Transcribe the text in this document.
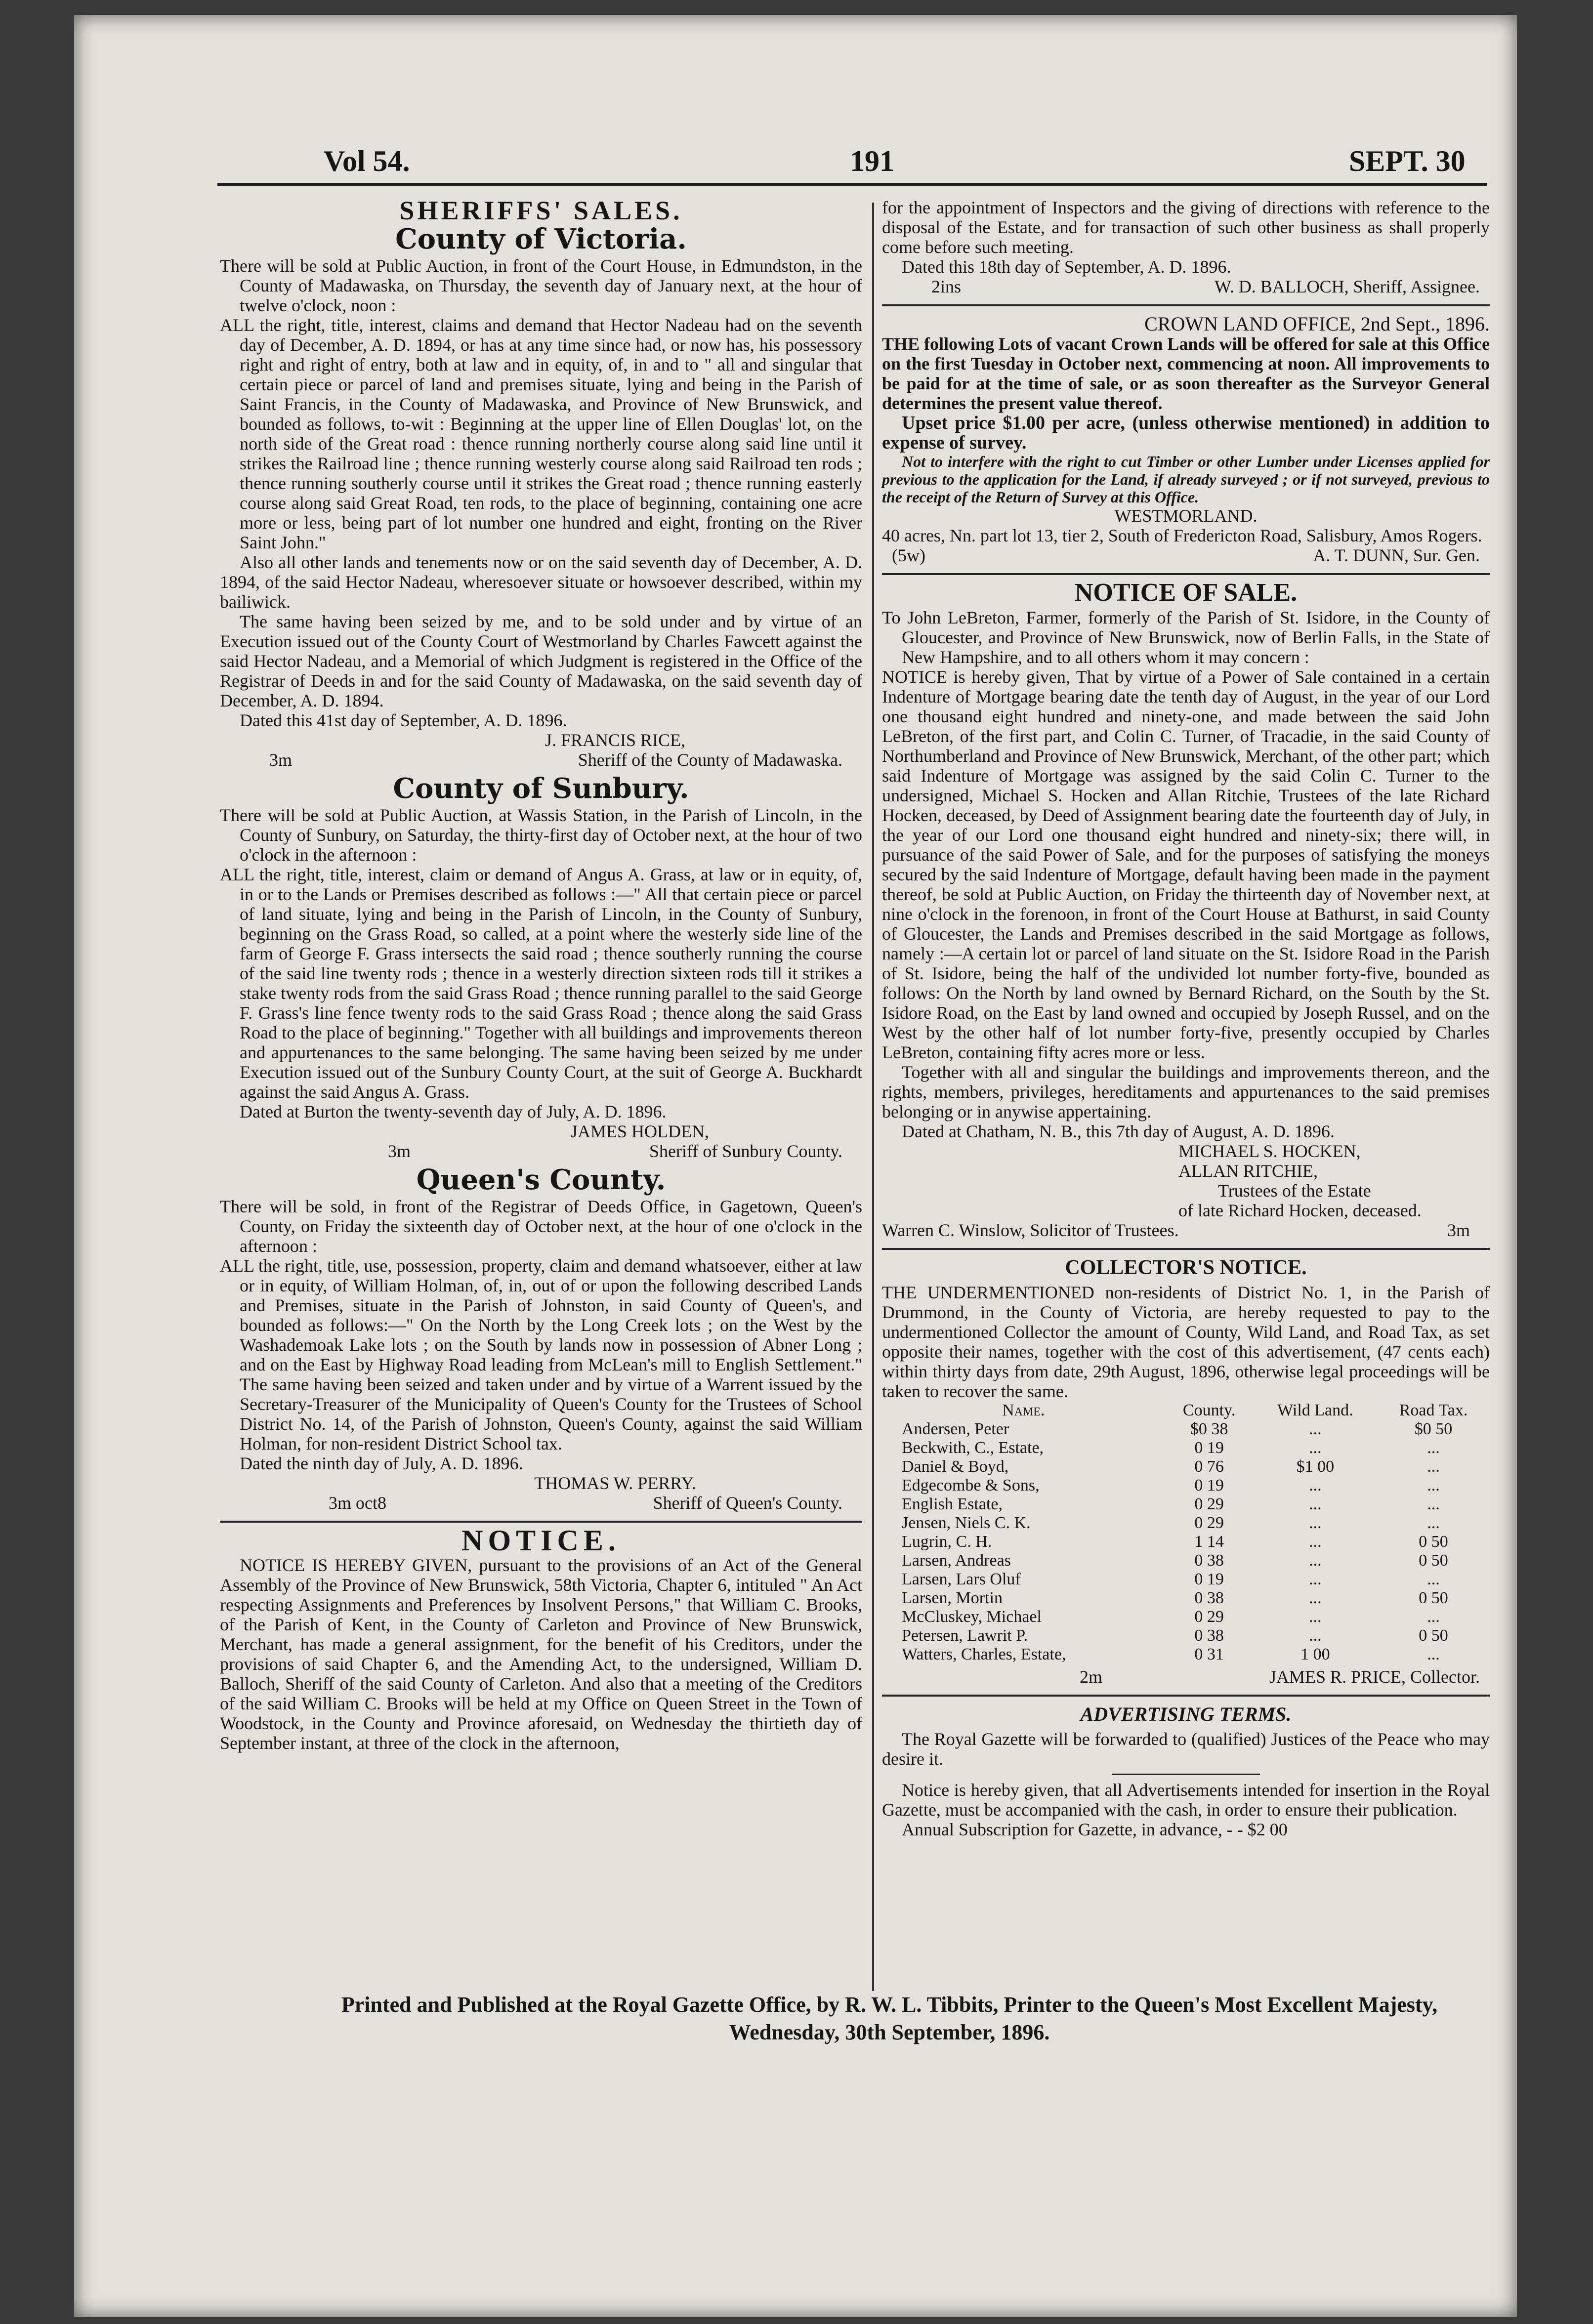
Vol 54.	191	SEPT. 30
SHERIFFS' SALES.
County of Victoria.

There will be sold at Public Auction, in front of the Court House, in Edmundston, in the County of Madawaska, on Thursday, the seventh day of January next, at the hour of twelve o'clock, noon :

ALL the right, title, interest, claims and demand that Hector Nadeau had on the seventh day of December, A. D. 1894, or has at any time since had, or now has, his possessory right and right of entry, both at law and in equity, of, in and to " all and singular that certain piece or parcel of land and premises situate, lying and being in the Parish of Saint Francis, in the County of Madawaska, and Province of New Brunswick, and bounded as follows, to-wit : Beginning at the upper line of Ellen Douglas' lot, on the north side of the Great road : thence running northerly course along said line until it strikes the Railroad line ; thence running westerly course along said Railroad ten rods ; thence running southerly course until it strikes the Great road ; thence running easterly course along said Great Road, ten rods, to the place of beginning, containing one acre more or less, being part of lot number one hundred and eight, fronting on the River Saint John."

Also all other lands and tenements now or on the said seventh day of December, A. D. 1894, of the said Hector Nadeau, wheresoever situate or howsoever described, within my bailiwick.

The same having been seized by me, and to be sold under and by virtue of an Execution issued out of the County Court of Westmorland by Charles Fawcett against the said Hector Nadeau, and a Memorial of which Judgment is registered in the Office of the Registrar of Deeds in and for the said County of Madawaska, on the said seventh day of December, A. D. 1894.

Dated this 41st day of September, A. D. 1896.

J. FRANCIS RICE,

3m	Sheriff of the County of Madawaska.
County of Sunbury.

There will be sold at Public Auction, at Wassis Station, in the Parish of Lincoln, in the County of Sunbury, on Saturday, the thirty-first day of October next, at the hour of two o'clock in the afternoon :

ALL the right, title, interest, claim or demand of Angus A. Grass, at law or in equity, of, in or to the Lands or Premises described as follows :—" All that certain piece or parcel of land situate, lying and being in the Parish of Lincoln, in the County of Sunbury, beginning on the Grass Road, so called, at a point where the westerly side line of the farm of George F. Grass intersects the said road ; thence southerly running the course of the said line twenty rods ; thence in a westerly direction sixteen rods till it strikes a stake twenty rods from the said Grass Road ; thence running parallel to the said George F. Grass's line fence twenty rods to the said Grass Road ; thence along the said Grass Road to the place of beginning." Together with all buildings and improvements thereon and appurtenances to the same belonging. The same having been seized by me under Execution issued out of the Sunbury County Court, at the suit of George A. Buckhardt against the said Angus A. Grass.

Dated at Burton the twenty-seventh day of July, A. D. 1896.

JAMES HOLDEN,

3m	Sheriff of Sunbury County.
Queen's County.

There will be sold, in front of the Registrar of Deeds Office, in Gagetown, Queen's County, on Friday the sixteenth day of October next, at the hour of one o'clock in the afternoon :

ALL the right, title, use, possession, property, claim and demand whatsoever, either at law or in equity, of William Holman, of, in, out of or upon the following described Lands and Premises, situate in the Parish of Johnston, in said County of Queen's, and bounded as follows:—" On the North by the Long Creek lots ; on the West by the Washademoak Lake lots ; on the South by lands now in possession of Abner Long ; and on the East by Highway Road leading from McLean's mill to English Settlement." The same having been seized and taken under and by virtue of a Warrent issued by the Secretary-Treasurer of the Municipality of Queen's County for the Trustees of School District No. 14, of the Parish of Johnston, Queen's County, against the said William Holman, for non-resident District School tax.

Dated the ninth day of July, A. D. 1896.

THOMAS W. PERRY.

3m oct8	Sheriff of Queen's County.
NOTICE.

NOTICE IS HEREBY GIVEN, pursuant to the provisions of an Act of the General Assembly of the Province of New Brunswick, 58th Victoria, Chapter 6, intituled " An Act respecting Assignments and Preferences by Insolvent Persons," that William C. Brooks, of the Parish of Kent, in the County of Carleton and Province of New Brunswick, Merchant, has made a general assignment, for the benefit of his Creditors, under the provisions of said Chapter 6, and the Amending Act, to the undersigned, William D. Balloch, Sheriff of the said County of Carleton. And also that a meeting of the Creditors of the said William C. Brooks will be held at my Office on Queen Street in the Town of Woodstock, in the County and Province aforesaid, on Wednesday the thirtieth day of September instant, at three of the clock in the afternoon,

for the appointment of Inspectors and the giving of directions with reference to the disposal of the Estate, and for transaction of such other business as shall properly come before such meeting.

Dated this 18th day of September, A. D. 1896.

2ins	W. D. BALLOCH, Sheriff, Assignee.

CROWN LAND OFFICE, 2nd Sept., 1896.

THE following Lots of vacant Crown Lands will be offered for sale at this Office on the first Tuesday in October next, commencing at noon. All improvements to be paid for at the time of sale, or as soon thereafter as the Surveyor General determines the present value thereof.

Upset price $1.00 per acre, (unless otherwise mentioned) in addition to expense of survey.

Not to interfere with the right to cut Timber or other Lumber under Licenses applied for previous to the application for the Land, if already surveyed ; or if not surveyed, previous to the receipt of the Return of Survey at this Office.

WESTMORLAND.

40 acres, Nn. part lot 13, tier 2, South of Fredericton Road, Salisbury, Amos Rogers.

(5w)	A. T. DUNN, Sur. Gen.
NOTICE OF SALE.

To John LeBreton, Farmer, formerly of the Parish of St. Isidore, in the County of Gloucester, and Province of New Brunswick, now of Berlin Falls, in the State of New Hampshire, and to all others whom it may concern :

NOTICE is hereby given, That by virtue of a Power of Sale contained in a certain Indenture of Mortgage bearing date the tenth day of August, in the year of our Lord one thousand eight hundred and ninety-one, and made between the said John LeBreton, of the first part, and Colin C. Turner, of Tracadie, in the said County of Northumberland and Province of New Brunswick, Merchant, of the other part; which said Indenture of Mortgage was assigned by the said Colin C. Turner to the undersigned, Michael S. Hocken and Allan Ritchie, Trustees of the late Richard Hocken, deceased, by Deed of Assignment bearing date the fourteenth day of July, in the year of our Lord one thousand eight hundred and ninety-six; there will, in pursuance of the said Power of Sale, and for the purposes of satisfying the moneys secured by the said Indenture of Mortgage, default having been made in the payment thereof, be sold at Public Auction, on Friday the thirteenth day of November next, at nine o'clock in the forenoon, in front of the Court House at Bathurst, in said County of Gloucester, the Lands and Premises described in the said Mortgage as follows, namely :—A certain lot or parcel of land situate on the St. Isidore Road in the Parish of St. Isidore, being the half of the undivided lot number forty-five, bounded as follows: On the North by land owned by Bernard Richard, on the South by the St. Isidore Road, on the East by land owned and occupied by Joseph Russel, and on the West by the other half of lot number forty-five, presently occupied by Charles LeBreton, containing fifty acres more or less.

Together with all and singular the buildings and improvements thereon, and the rights, members, privileges, hereditaments and appurtenances to the said premises belonging or in anywise appertaining.

Dated at Chatham, N. B., this 7th day of August, A. D. 1896.

MICHAEL S. HOCKEN,

ALLAN RITCHIE,

Trustees of the Estate

of late Richard Hocken, deceased.

Warren C. Winslow, Solicitor of Trustees.	3m
COLLECTOR'S NOTICE.

THE UNDERMENTIONED non-residents of District No. 1, in the Parish of Drummond, in the County of Victoria, are hereby requested to pay to the undermentioned Collector the amount of County, Wild Land, and Road Tax, as set opposite their names, together with the cost of this advertisement, (47 cents each) within thirty days from date, 29th August, 1896, otherwise legal proceedings will be taken to recover the same.

Name.	County.	Wild Land.	Road Tax.
Andersen, Peter	$0 38	...	$0 50
Beckwith, C., Estate,	0 19	...	...
Daniel & Boyd,	0 76	$1 00	...
Edgecombe & Sons,	0 19	...	...
English Estate,	0 29	...	...
Jensen, Niels C. K.	0 29	...	...
Lugrin, C. H.	1 14	...	0 50
Larsen, Andreas	0 38	...	0 50
Larsen, Lars Oluf	0 19	...	...
Larsen, Mortin	0 38	...	0 50
McCluskey, Michael	0 29	...	...
Petersen, Lawrit P.	0 38	...	0 50
Watters, Charles, Estate,	0 31	1 00	...
2m	JAMES R. PRICE, Collector.
ADVERTISING TERMS.

The Royal Gazette will be forwarded to (qualified) Justices of the Peace who may desire it.

Notice is hereby given, that all Advertisements intended for insertion in the Royal Gazette, must be accompanied with the cash, in order to ensure their publication.

Annual Subscription for Gazette, in advance, - - $2 00

Printed and Published at the Royal Gazette Office, by R. W. L. Tibbits, Printer to the Queen's Most Excellent Majesty,
Wednesday, 30th September, 1896.
